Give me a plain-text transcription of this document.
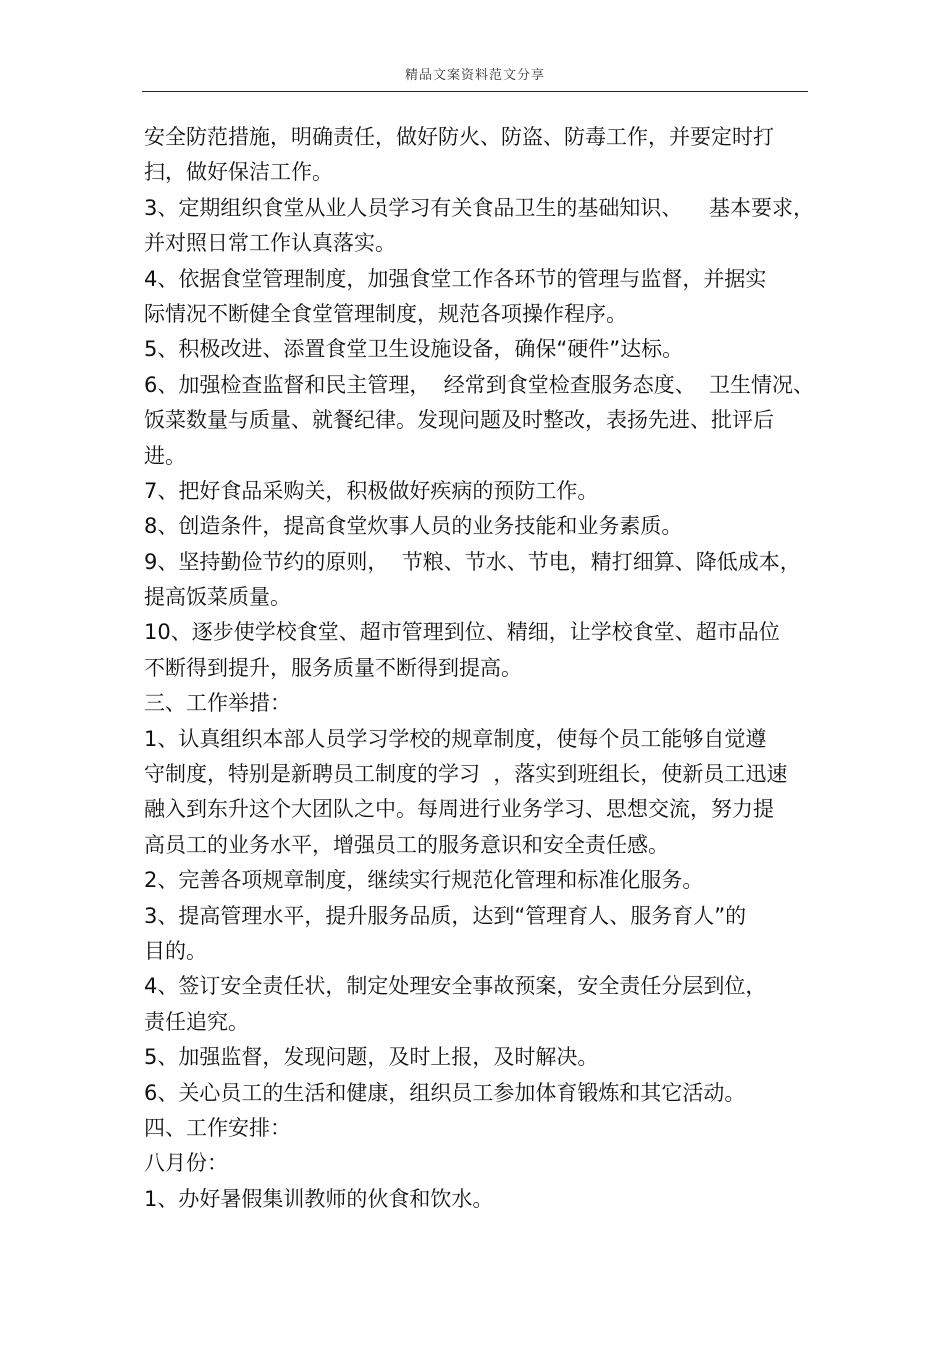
精品文案资料范文分享
安全防范措施，明确责任，做好防火、防盗、防毒工作，并要定时打
扫，做好保洁工作。
3、定期组织食堂从业人员学习有关食品卫生的基础知识、    基本要求，
并对照日常工作认真落实。
4、依据食堂管理制度，加强食堂工作各环节的管理与监督，并据实
际情况不断健全食堂管理制度，规范各项操作程序。
5、积极改进、添置食堂卫生设施设备，确保“硬件”达标。
6、加强检查监督和民主管理，  经常到食堂检查服务态度、  卫生情况、
饭菜数量与质量、就餐纪律。发现问题及时整改，表扬先进、批评后
进。
7、把好食品采购关，积极做好疾病的预防工作。
8、创造条件，提高食堂炊事人员的业务技能和业务素质。
9、坚持勤俭节约的原则，  节粮、节水、节电，精打细算、降低成本，
提高饭菜质量。
10、逐步使学校食堂、超市管理到位、精细，让学校食堂、超市品位
不断得到提升，服务质量不断得到提高。
三、工作举措：
1、认真组织本部人员学习学校的规章制度，使每个员工能够自觉遵
守制度，特别是新聘员工制度的学习  ，落实到班组长，使新员工迅速
融入到东升这个大团队之中。每周进行业务学习、思想交流，努力提
高员工的业务水平，增强员工的服务意识和安全责任感。
2、完善各项规章制度，继续实行规范化管理和标准化服务。
3、提高管理水平，提升服务品质，达到“管理育人、服务育人”的
目的。
4、签订安全责任状，制定处理安全事故预案，安全责任分层到位，
责任追究。
5、加强监督，发现问题，及时上报，及时解决。
6、关心员工的生活和健康，组织员工参加体育锻炼和其它活动。
四、工作安排：
八月份：
1、办好暑假集训教师的伙食和饮水。
